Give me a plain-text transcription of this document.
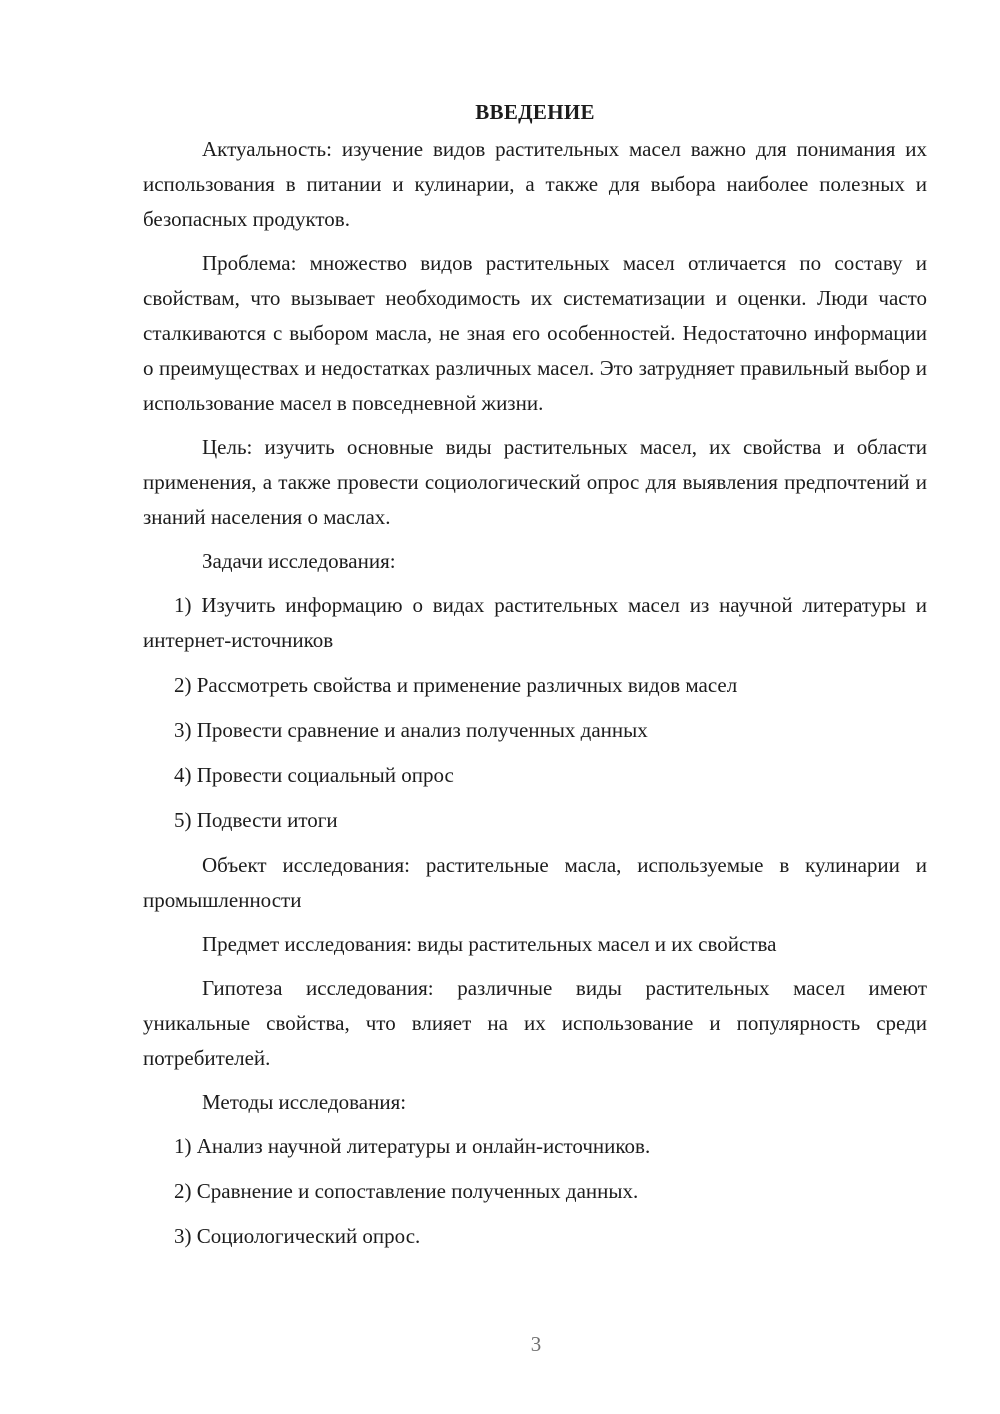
ВВЕДЕНИЕ

Актуальность: изучение видов растительных масел важно для понимания их использования в питании и кулинарии, а также для выбора наиболее полезных и безопасных продуктов.

Проблема: множество видов растительных масел отличается по составу и свойствам, что вызывает необходимость их систематизации и оценки. Люди часто сталкиваются с выбором масла, не зная его особенностей. Недостаточно информации о преимуществах и недостатках различных масел. Это затрудняет правильный выбор и использование масел в повседневной жизни.

Цель: изучить основные виды растительных масел, их свойства и области применения, а также провести социологический опрос для выявления предпочтений и знаний населения о маслах.

Задачи исследования:

1) Изучить информацию о видах растительных масел из научной литературы и интернет-источников

2) Рассмотреть свойства и применение различных видов масел

3) Провести сравнение и анализ полученных данных

4) Провести социальный опрос

5) Подвести итоги

Объект исследования: растительные масла, используемые в кулинарии и промышленности

Предмет исследования: виды растительных масел и их свойства

Гипотеза исследования: различные виды растительных масел имеют уникальные свойства, что влияет на их использование и популярность среди потребителей.

Методы исследования:

1) Анализ научной литературы и онлайн-источников.

2) Сравнение и сопоставление полученных данных.

3) Социологический опрос.

3
